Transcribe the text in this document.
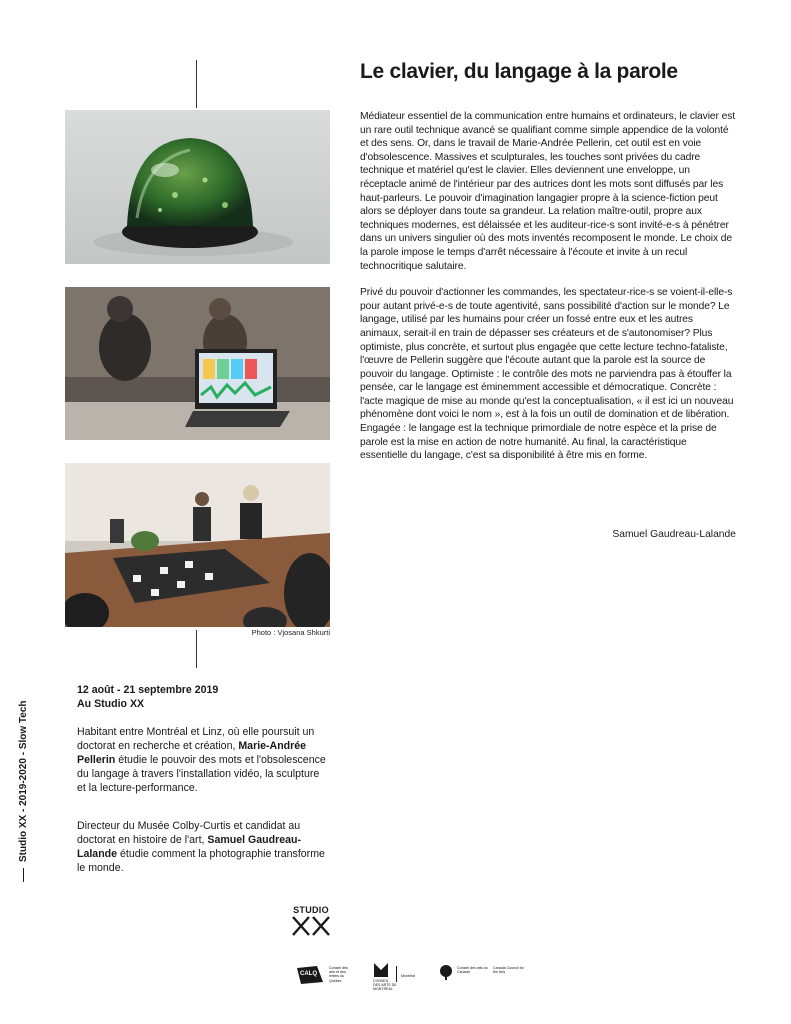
Photo : Vjosana Shkurti
Le clavier, du langage à la parole

Médiateur essentiel de la communication entre humains et ordinateurs, le clavier est un rare outil technique avancé se qualifiant comme simple appendice de la volonté et des sens. Or, dans le travail de Marie-Andrée Pellerin, cet outil est en voie d'obsolescence. Massives et sculpturales, les touches sont privées du cadre technique et matériel qu'est le clavier. Elles deviennent une enveloppe, un réceptacle animé de l'intérieur par des autrices dont les mots sont diffusés par les haut-parleurs. Le pouvoir d'imagination langagier propre à la science-fiction peut alors se déployer dans toute sa grandeur. La relation maître-outil, propre aux techniques modernes, est délaissée et les auditeur-rice-s sont invité-e-s à pénétrer dans un univers singulier où des mots inventés recomposent le monde. Le choix de la parole impose le temps d'arrêt nécessaire à l'écoute et invite à un recul technocritique salutaire.

Privé du pouvoir d'actionner les commandes, les spectateur-rice-s se voient-il-elle-s pour autant privé-e-s de toute agentivité, sans possibilité d'action sur le monde? Le langage, utilisé par les humains pour créer un fossé entre eux et les autres animaux, serait-il en train de dépasser ses créateurs et de s'autonomiser? Plus optimiste, plus concrète, et surtout plus engagée que cette lecture techno-fataliste, l'œuvre de Pellerin suggère que l'écoute autant que la parole est la source de pouvoir du langage. Optimiste : le contrôle des mots ne parviendra pas à étouffer la pensée, car le langage est éminemment accessible et démocratique. Concrète : l'acte magique de mise au monde qu'est la conceptualisation, « il est ici un nouveau phénomène dont voici le nom », est à la fois un outil de domination et de libération. Engagée : le langage est la technique primordiale de notre espèce et la prise de parole est la mise en action de notre humanité. Au final, la caractéristique essentielle du langage, c'est sa disponibilité à être mis en forme.

Samuel Gaudreau-Lalande
Studio XX - 2019-2020 - Slow Tech
12 août - 21 septembre 2019
Au Studio XX

Habitant entre Montréal et Linz, où elle poursuit un doctorat en recherche et création, Marie-Andrée Pellerin étudie le pouvoir des mots et l'obsolescence du langage à travers l'installation vidéo, la sculpture et la lecture-performance.

Directeur du Musée Colby-Curtis et candidat au doctorat en histoire de l'art, Samuel Gaudreau-Lalande étudie comment la photographie transforme le monde.

STUDIO
CALQ
Conseil des arts et des lettres du Québec	CONSEIL DES ARTS DE MONTRÉAL
Montréal
Conseil des arts du Canada
Canada Council for the Arts
